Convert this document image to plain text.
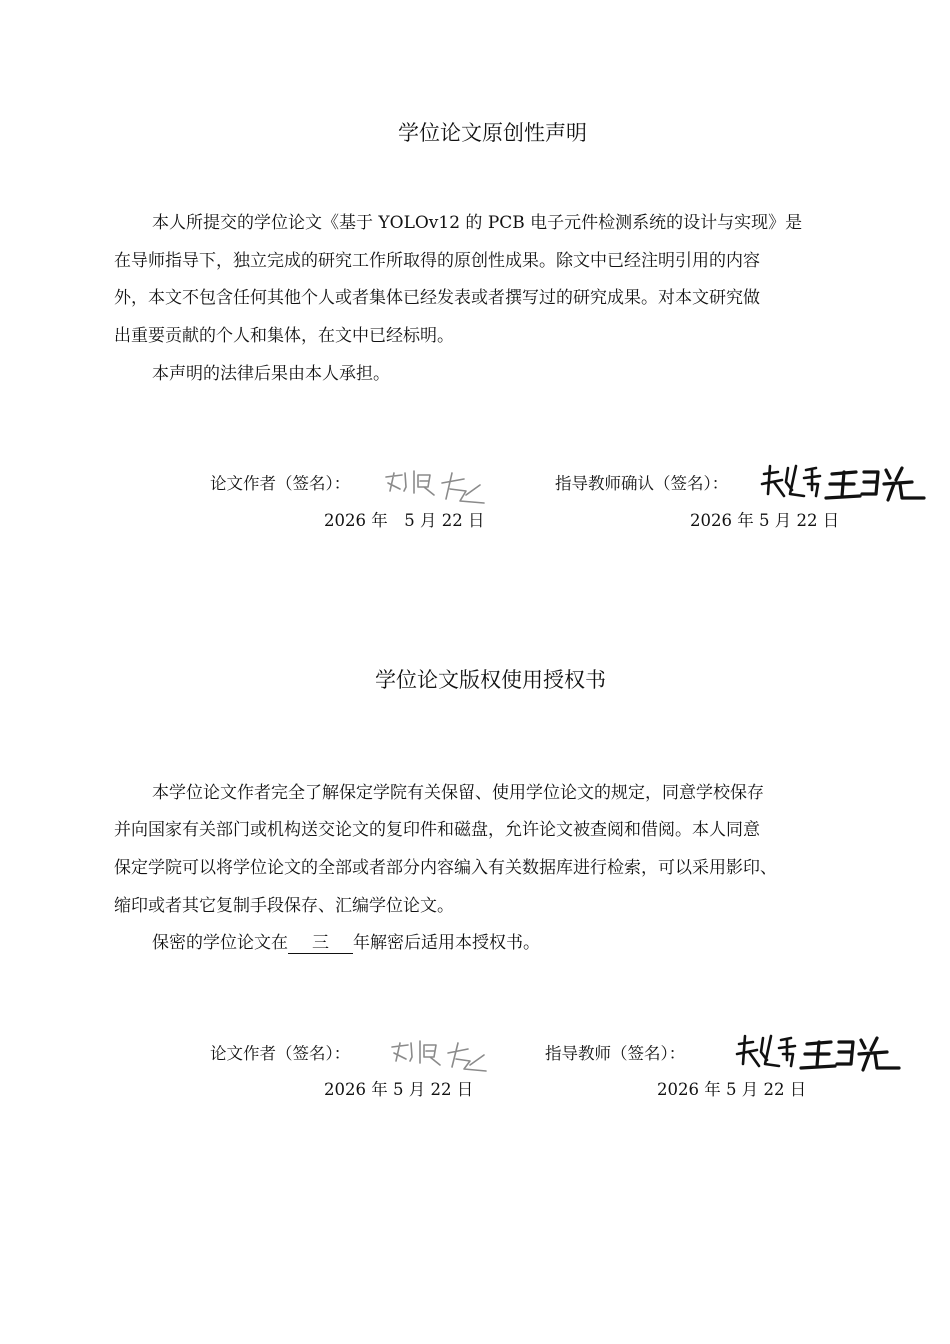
学位论文原创性声明
本人所提交的学位论文《基于 YOLOv12 的 PCB 电子元件检测系统的设计与实现》是
在导师指导下，独立完成的研究工作所取得的原创性成果。除文中已经注明引用的内容
外，本文不包含任何其他个人或者集体已经发表或者撰写过的研究成果。对本文研究做
出重要贡献的个人和集体，在文中已经标明。
本声明的法律后果由本人承担。
论文作者（签名）：
2026 年　5 月 22 日
指导教师确认（签名）：
2026 年 5 月 22 日
学位论文版权使用授权书
本学位论文作者完全了解保定学院有关保留、使用学位论文的规定，同意学校保存
并向国家有关部门或机构送交论文的复印件和磁盘，允许论文被查阅和借阅。本人同意
保定学院可以将学位论文的全部或者部分内容编入有关数据库进行检索，可以采用影印、
缩印或者其它复制手段保存、汇编学位论文。
保密的学位论文在 三 年解密后适用本授权书。
论文作者（签名）：
2026 年 5 月 22 日
指导教师（签名）：
2026 年 5 月 22 日
